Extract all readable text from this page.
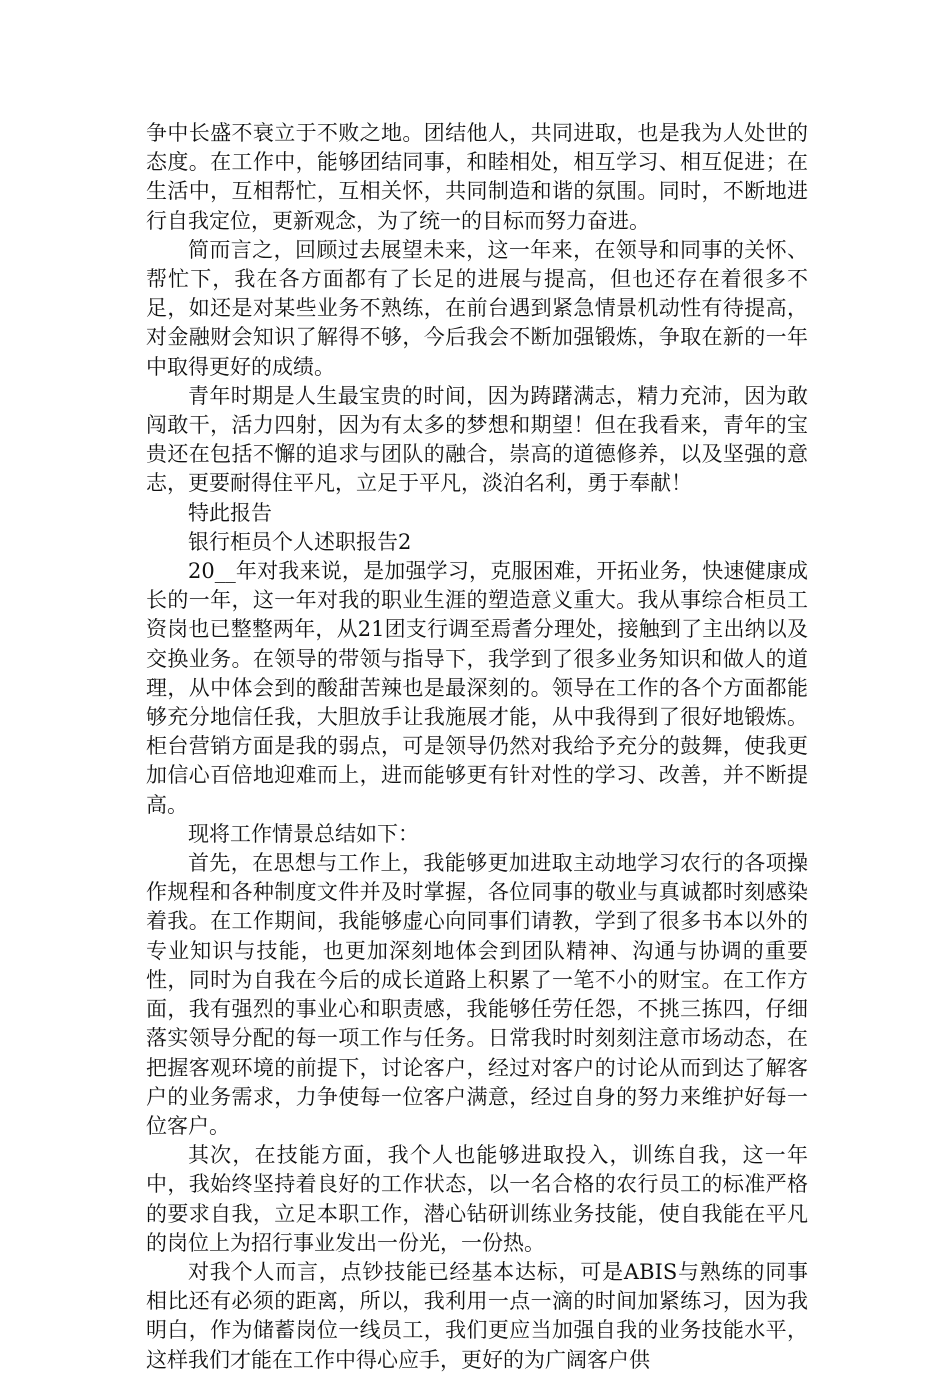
争中长盛不衰立于不败之地。团结他人，共同进取，也是我为人处世的态度。在工作中，能够团结同事，和睦相处，相互学习、相互促进；在生活中，互相帮忙，互相关怀，共同制造和谐的氛围。同时，不断地进行自我定位，更新观念，为了统一的目标而努力奋进。

简而言之，回顾过去展望未来，这一年来，在领导和同事的关怀、帮忙下，我在各方面都有了长足的进展与提高，但也还存在着很多不足，如还是对某些业务不熟练，在前台遇到紧急情景机动性有待提高，对金融财会知识了解得不够，今后我会不断加强锻炼，争取在新的一年中取得更好的成绩。

青年时期是人生最宝贵的时间，因为踌躇满志，精力充沛，因为敢闯敢干，活力四射，因为有太多的梦想和期望！但在我看来，青年的宝贵还在包括不懈的追求与团队的融合，崇高的道德修养，以及坚强的意志，更要耐得住平凡，立足于平凡，淡泊名利，勇于奉献！

特此报告

银行柜员个人述职报告2

20__年对我来说，是加强学习，克服困难，开拓业务，快速健康成长的一年，这一年对我的职业生涯的塑造意义重大。我从事综合柜员工资岗也已整整两年，从21团支行调至焉耆分理处，接触到了主出纳以及交换业务。在领导的带领与指导下，我学到了很多业务知识和做人的道理，从中体会到的酸甜苦辣也是最深刻的。领导在工作的各个方面都能够充分地信任我，大胆放手让我施展才能，从中我得到了很好地锻炼。柜台营销方面是我的弱点，可是领导仍然对我给予充分的鼓舞，使我更加信心百倍地迎难而上，进而能够更有针对性的学习、改善，并不断提高。

现将工作情景总结如下：

首先，在思想与工作上，我能够更加进取主动地学习农行的各项操作规程和各种制度文件并及时掌握，各位同事的敬业与真诚都时刻感染着我。在工作期间，我能够虚心向同事们请教，学到了很多书本以外的专业知识与技能，也更加深刻地体会到团队精神、沟通与协调的重要性，同时为自我在今后的成长道路上积累了一笔不小的财宝。在工作方面，我有强烈的事业心和职责感，我能够任劳任怨，不挑三拣四，仔细落实领导分配的每一项工作与任务。日常我时时刻刻注意市场动态，在把握客观环境的前提下，讨论客户，经过对客户的讨论从而到达了解客户的业务需求，力争使每一位客户满意，经过自身的努力来维护好每一位客户。

其次，在技能方面，我个人也能够进取投入，训练自我，这一年中，我始终坚持着良好的工作状态，以一名合格的农行员工的标准严格的要求自我，立足本职工作，潜心钻研训练业务技能，使自我能在平凡的岗位上为招行事业发出一份光，一份热。

对我个人而言，点钞技能已经基本达标，可是ABIS与熟练的同事相比还有必须的距离，所以，我利用一点一滴的时间加紧练习，因为我明白，作为储蓄岗位一线员工，我们更应当加强自我的业务技能水平，这样我们才能在工作中得心应手，更好的为广阔客户供
